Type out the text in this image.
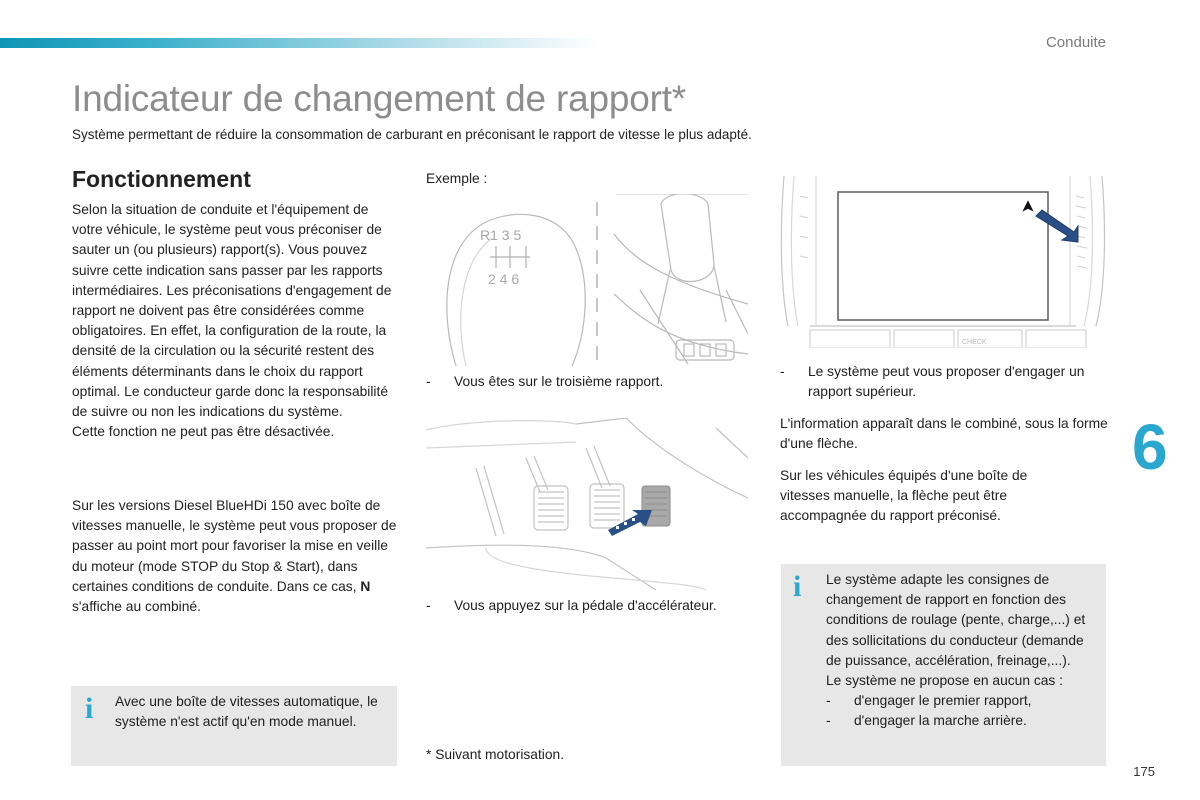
Conduite
Indicateur de changement de rapport*
Système permettant de réduire la consommation de carburant en préconisant le rapport de vitesse le plus adapté.
Fonctionnement
Selon la situation de conduite et l'équipement de votre véhicule, le système peut vous préconiser de sauter un (ou plusieurs) rapport(s). Vous pouvez suivre cette indication sans passer par les rapports intermédiaires. Les préconisations d'engagement de rapport ne doivent pas être considérées comme obligatoires. En effet, la configuration de la route, la densité de la circulation ou la sécurité restent des éléments déterminants dans le choix du rapport optimal. Le conducteur garde donc la responsabilité de suivre ou non les indications du système.
Cette fonction ne peut pas être désactivée.
Sur les versions Diesel BlueHDi 150 avec boîte de vitesses manuelle, le système peut vous proposer de passer au point mort pour favoriser la mise en veille du moteur (mode STOP du Stop & Start), dans certaines conditions de conduite. Dans ce cas, N s'affiche au combiné.
i Avec une boîte de vitesses automatique, le système n'est actif qu'en mode manuel.
Exemple :
R1 3 5
2 4 6
- Vous êtes sur le troisième rapport.
- Vous appuyez sur la pédale d'accélérateur.
* Suivant motorisation.
CHECK
- Le système peut vous proposer d'engager un rapport supérieur.
L'information apparaît dans le combiné, sous la forme d'une flèche.
Sur les véhicules équipés d'une boîte de vitesses manuelle, la flèche peut être accompagnée du rapport préconisé.
i Le système adapte les consignes de changement de rapport en fonction des conditions de roulage (pente, charge,...) et des sollicitations du conducteur (demande de puissance, accélération, freinage,...).
Le système ne propose en aucun cas :
- d'engager le premier rapport,
- d'engager la marche arrière.
6
175
